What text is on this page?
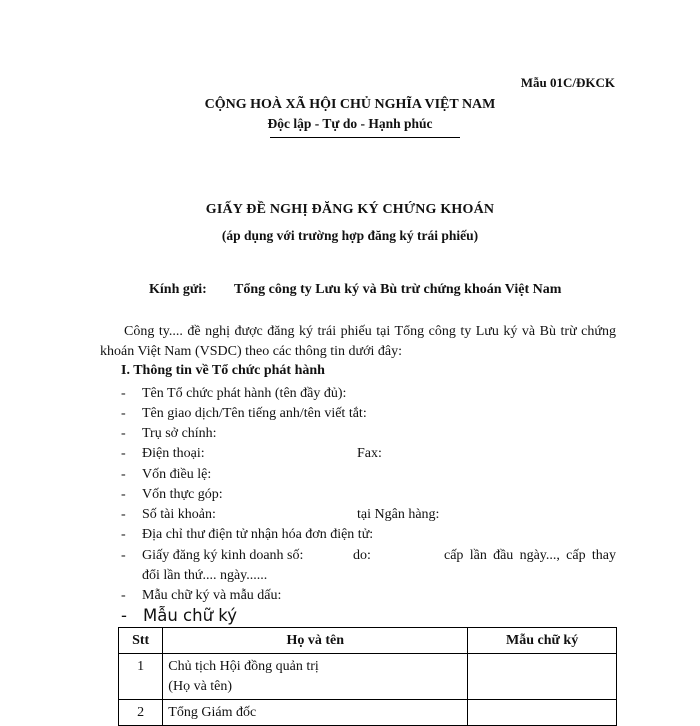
Mẫu 01C/ĐKCK
CỘNG HOÀ XÃ HỘI CHỦ NGHĨA VIỆT NAM
Độc lập - Tự do - Hạnh phúc
GIẤY ĐỀ NGHỊ ĐĂNG KÝ CHỨNG KHOÁN
(áp dụng với trường hợp đăng ký trái phiếu)
Kính gửi: Tổng công ty Lưu ký và Bù trừ chứng khoán Việt Nam
Công ty.... đề nghị được đăng ký trái phiếu tại Tổng công ty Lưu ký và Bù trừ chứng khoán Việt Nam (VSDC) theo các thông tin dưới đây:
I. Thông tin về Tổ chức phát hành
- Tên Tổ chức phát hành (tên đầy đủ):
- Tên giao dịch/Tên tiếng anh/tên viết tắt:
- Trụ sở chính:
- Điện thoại:	Fax:
- Vốn điều lệ:
- Vốn thực góp:
- Số tài khoản:	tại Ngân hàng:
- Địa chỉ thư điện tử nhận hóa đơn điện tử:
- Giấy đăng ký kinh doanh số:	do:	cấp lần đầu ngày..., cấp thay đổi lần thứ.... ngày......
- Mẫu chữ ký và mẫu dấu:
- Mẫu chữ ký
Stt	Họ và tên	Mẫu chữ ký
1	Chủ tịch Hội đồng quản trị
(Họ và tên)	

2	Tổng Giám đốc	
